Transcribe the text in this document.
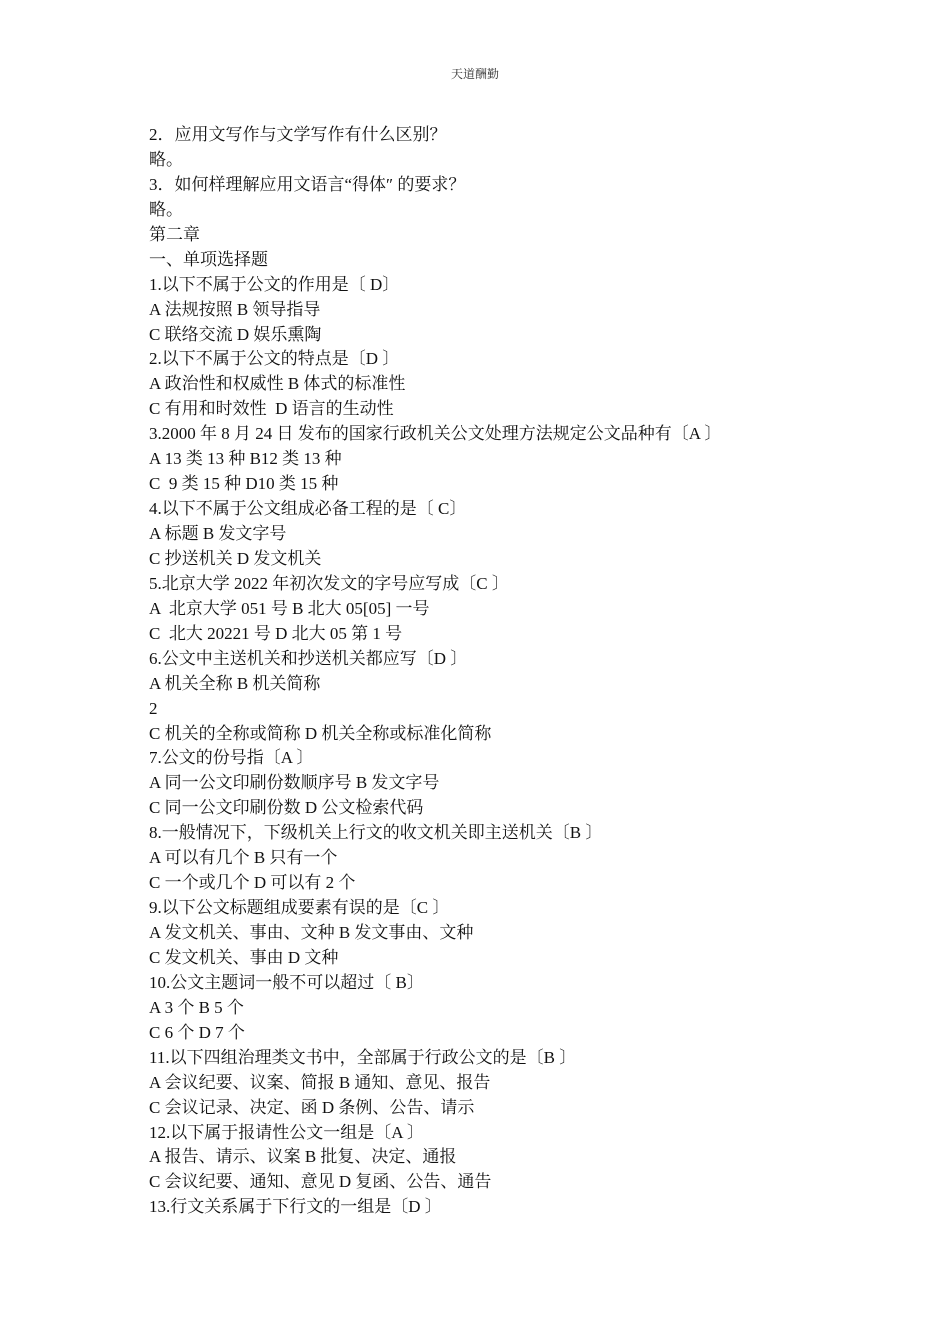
天道酬勤
2．应用文写作与文学写作有什么区别？
略。
3．如何样理解应用文语言“得体″ 的要求？
略。
第二章
一、单项选择题
1.以下不属于公文的作用是〔 D〕
A 法规按照 B 领导指导
C 联络交流 D 娱乐熏陶
2.以下不属于公文的特点是〔D 〕
A 政治性和权威性 B 体式的标准性
C 有用和时效性  D 语言的生动性
3.2000 年 8 月 24 日 发布的国家行政机关公文处理方法规定公文品种有〔A 〕
A 13 类 13 种 B12 类 13 种
C  9 类 15 种 D10 类 15 种
4.以下不属于公文组成必备工程的是〔 C〕
A 标题 B 发文字号
C 抄送机关 D 发文机关
5.北京大学 2022 年初次发文的字号应写成〔C 〕
A  北京大学 051 号 B 北大 05[05] 一号
C  北大 20221 号 D 北大 05 第 1 号
6.公文中主送机关和抄送机关都应写〔D 〕
A 机关全称 B 机关简称
2
C 机关的全称或简称 D 机关全称或标准化简称
7.公文的份号指〔A 〕
A 同一公文印刷份数顺序号 B 发文字号
C 同一公文印刷份数 D 公文检索代码
8.一般情况下，下级机关上行文的收文机关即主送机关〔B 〕
A 可以有几个 B 只有一个
C 一个或几个 D 可以有 2 个
9.以下公文标题组成要素有误的是〔C 〕
A 发文机关、事由、文种 B 发文事由、文种
C 发文机关、事由 D 文种
10.公文主题词一般不可以超过〔 B〕
A 3 个 B 5 个
C 6 个 D 7 个
11.以下四组治理类文书中，全部属于行政公文的是〔B 〕
A 会议纪要、议案、简报 B 通知、意见、报告
C 会议记录、决定、函 D 条例、公告、请示
12.以下属于报请性公文一组是〔A 〕
A 报告、请示、议案 B 批复、决定、通报
C 会议纪要、通知、意见 D 复函、公告、通告
13.行文关系属于下行文的一组是〔D 〕
